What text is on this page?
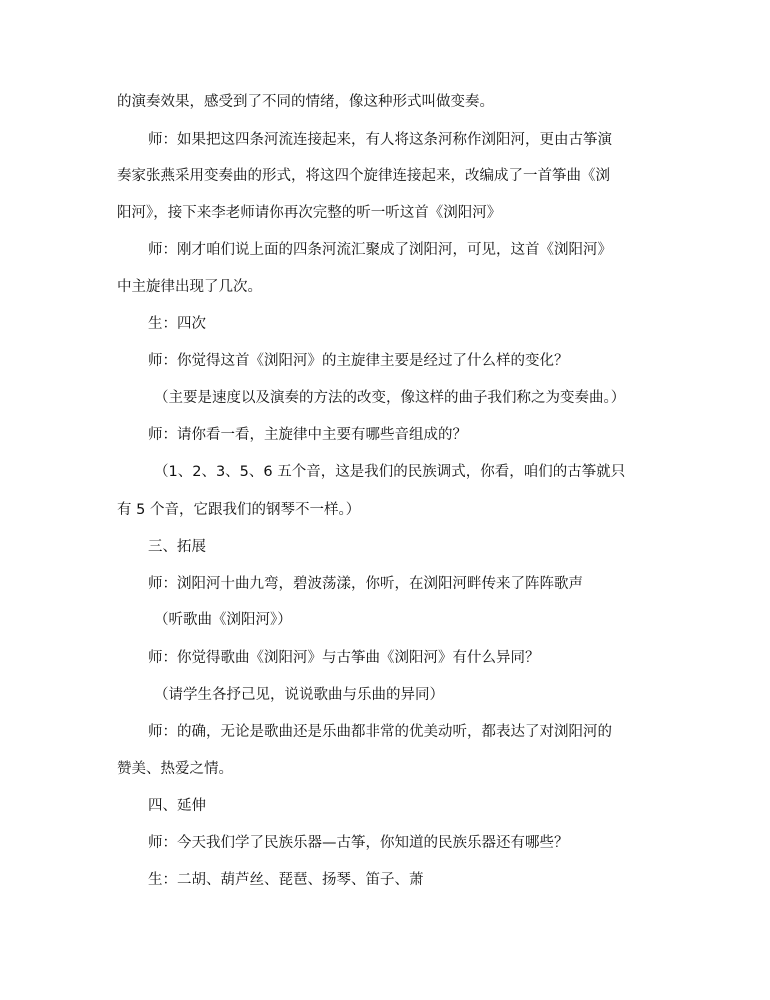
的演奏效果，感受到了不同的情绪，像这种形式叫做变奏。
师：如果把这四条河流连接起来，有人将这条河称作浏阳河，更由古筝演
奏家张燕采用变奏曲的形式，将这四个旋律连接起来，改编成了一首筝曲《浏
阳河》，接下来李老师请你再次完整的听一听这首《浏阳河》
师：刚才咱们说上面的四条河流汇聚成了浏阳河，可见，这首《浏阳河》
中主旋律出现了几次。
生：四次
师：你觉得这首《浏阳河》的主旋律主要是经过了什么样的变化？
（主要是速度以及演奏的方法的改变，像这样的曲子我们称之为变奏曲。）
师：请你看一看，主旋律中主要有哪些音组成的？
（1、2、3、5、6 五个音，这是我们的民族调式，你看，咱们的古筝就只
有 5 个音，它跟我们的钢琴不一样。）
三、拓展
师：浏阳河十曲九弯，碧波荡漾，你听，在浏阳河畔传来了阵阵歌声
（听歌曲《浏阳河》）
师：你觉得歌曲《浏阳河》与古筝曲《浏阳河》有什么异同？
（请学生各抒己见，说说歌曲与乐曲的异同）
师：的确，无论是歌曲还是乐曲都非常的优美动听，都表达了对浏阳河的
赞美、热爱之情。
四、延伸
师：今天我们学了民族乐器—古筝，你知道的民族乐器还有哪些？
生：二胡、葫芦丝、琵琶、扬琴、笛子、萧
